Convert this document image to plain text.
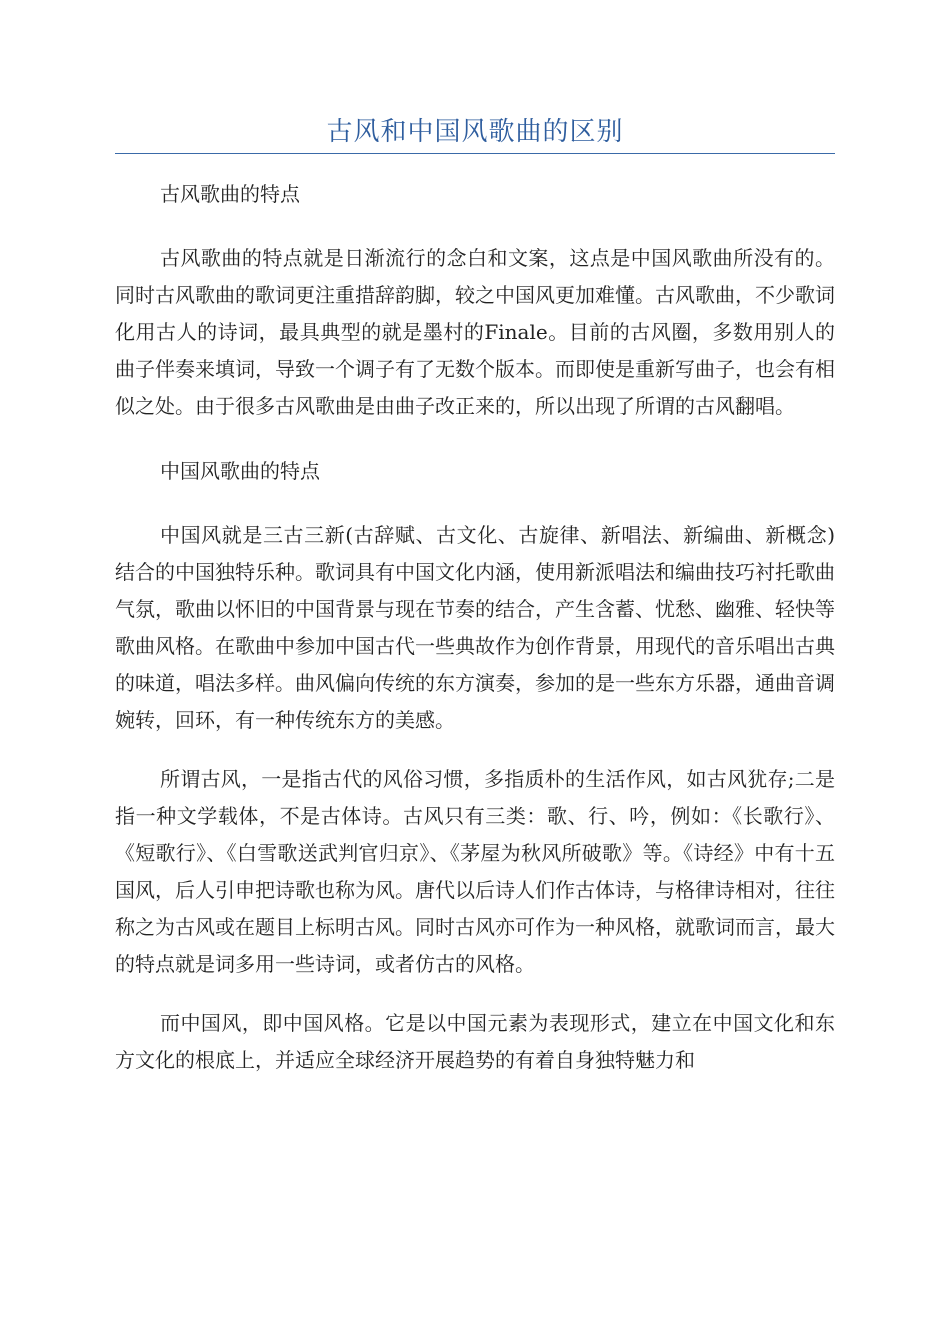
古风和中国风歌曲的区别

古风歌曲的特点

古风歌曲的特点就是日渐流行的念白和文案，这点是中国风歌曲所没有的。同时古风歌曲的歌词更注重措辞韵脚，较之中国风更加难懂。古风歌曲，不少歌词化用古人的诗词，最具典型的就是墨村的Finale。目前的古风圈，多数用别人的曲子伴奏来填词，导致一个调子有了无数个版本。而即使是重新写曲子，也会有相似之处。由于很多古风歌曲是由曲子改正来的，所以出现了所谓的古风翻唱。

中国风歌曲的特点

中国风就是三古三新(古辞赋、古文化、古旋律、新唱法、新编曲、新概念)结合的中国独特乐种。歌词具有中国文化内涵，使用新派唱法和编曲技巧衬托歌曲气氛，歌曲以怀旧的中国背景与现在节奏的结合，产生含蓄、忧愁、幽雅、轻快等歌曲风格。在歌曲中参加中国古代一些典故作为创作背景，用现代的音乐唱出古典的味道，唱法多样。曲风偏向传统的东方演奏，参加的是一些东方乐器，通曲音调婉转，回环，有一种传统东方的美感。

所谓古风，一是指古代的风俗习惯，多指质朴的生活作风，如古风犹存;二是指一种文学载体，不是古体诗。古风只有三类：歌、行、吟，例如：《长歌行》、《短歌行》、《白雪歌送武判官归京》、《茅屋为秋风所破歌》等。《诗经》中有十五国风，后人引申把诗歌也称为风。唐代以后诗人们作古体诗，与格律诗相对，往往称之为古风或在题目上标明古风。同时古风亦可作为一种风格，就歌词而言，最大的特点就是词多用一些诗词，或者仿古的风格。

而中国风，即中国风格。它是以中国元素为表现形式，建立在中国文化和东方文化的根底上，并适应全球经济开展趋势的有着自身独特魅力和
